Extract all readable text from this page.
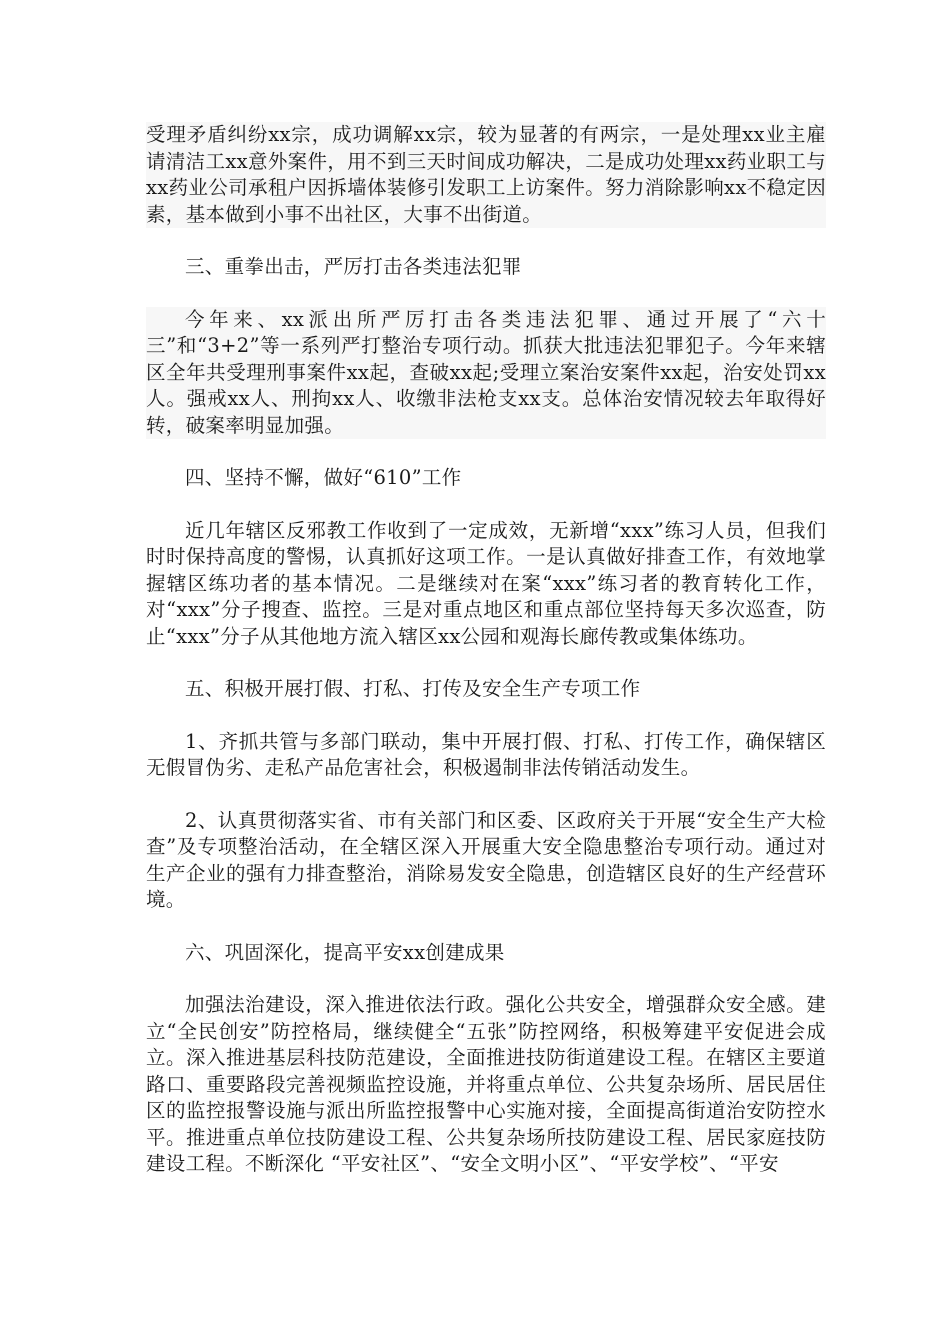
受理矛盾纠纷xx宗，成功调解xx宗，较为显著的有两宗，一是处理xx业主雇请清洁工xx意外案件，用不到三天时间成功解决，二是成功处理xx药业职工与xx药业公司承租户因拆墙体装修引发职工上访案件。努力消除影响xx不稳定因素，基本做到小事不出社区，大事不出街道。

三、重拳出击，严厉打击各类违法犯罪

今年来、xx派出所严厉打击各类违法犯罪、通过开展了“六十三”和“3+2”等一系列严打整治专项行动。抓获大批违法犯罪犯子。今年来辖区全年共受理刑事案件xx起，查破xx起;受理立案治安案件xx起，治安处罚xx人。强戒xx人、刑拘xx人、收缴非法枪支xx支。总体治安情况较去年取得好转，破案率明显加强。

四、坚持不懈，做好“610”工作

近几年辖区反邪教工作收到了一定成效，无新增“xxx”练习人员，但我们时时保持高度的警惕，认真抓好这项工作。一是认真做好排查工作，有效地掌握辖区练功者的基本情况。二是继续对在案“xxx”练习者的教育转化工作，对“xxx”分子搜查、监控。三是对重点地区和重点部位坚持每天多次巡查，防止“xxx”分子从其他地方流入辖区xx公园和观海长廊传教或集体练功。

五、积极开展打假、打私、打传及安全生产专项工作

1、齐抓共管与多部门联动，集中开展打假、打私、打传工作，确保辖区无假冒伪劣、走私产品危害社会，积极遏制非法传销活动发生。

2、认真贯彻落实省、市有关部门和区委、区政府关于开展“安全生产大检查”及专项整治活动，在全辖区深入开展重大安全隐患整治专项行动。通过对生产企业的强有力排查整治，消除易发安全隐患，创造辖区良好的生产经营环境。

六、巩固深化，提高平安xx创建成果

加强法治建设，深入推进依法行政。强化公共安全，增强群众安全感。建立“全民创安”防控格局，继续健全“五张”防控网络，积极筹建平安促进会成立。深入推进基层科技防范建设，全面推进技防街道建设工程。在辖区主要道路口、重要路段完善视频监控设施，并将重点单位、公共复杂场所、居民居住区的监控报警设施与派出所监控报警中心实施对接，全面提高街道治安防控水平。推进重点单位技防建设工程、公共复杂场所技防建设工程、居民家庭技防建设工程。不断深化 “平安社区”、“安全文明小区”、“平安学校”、“平安
